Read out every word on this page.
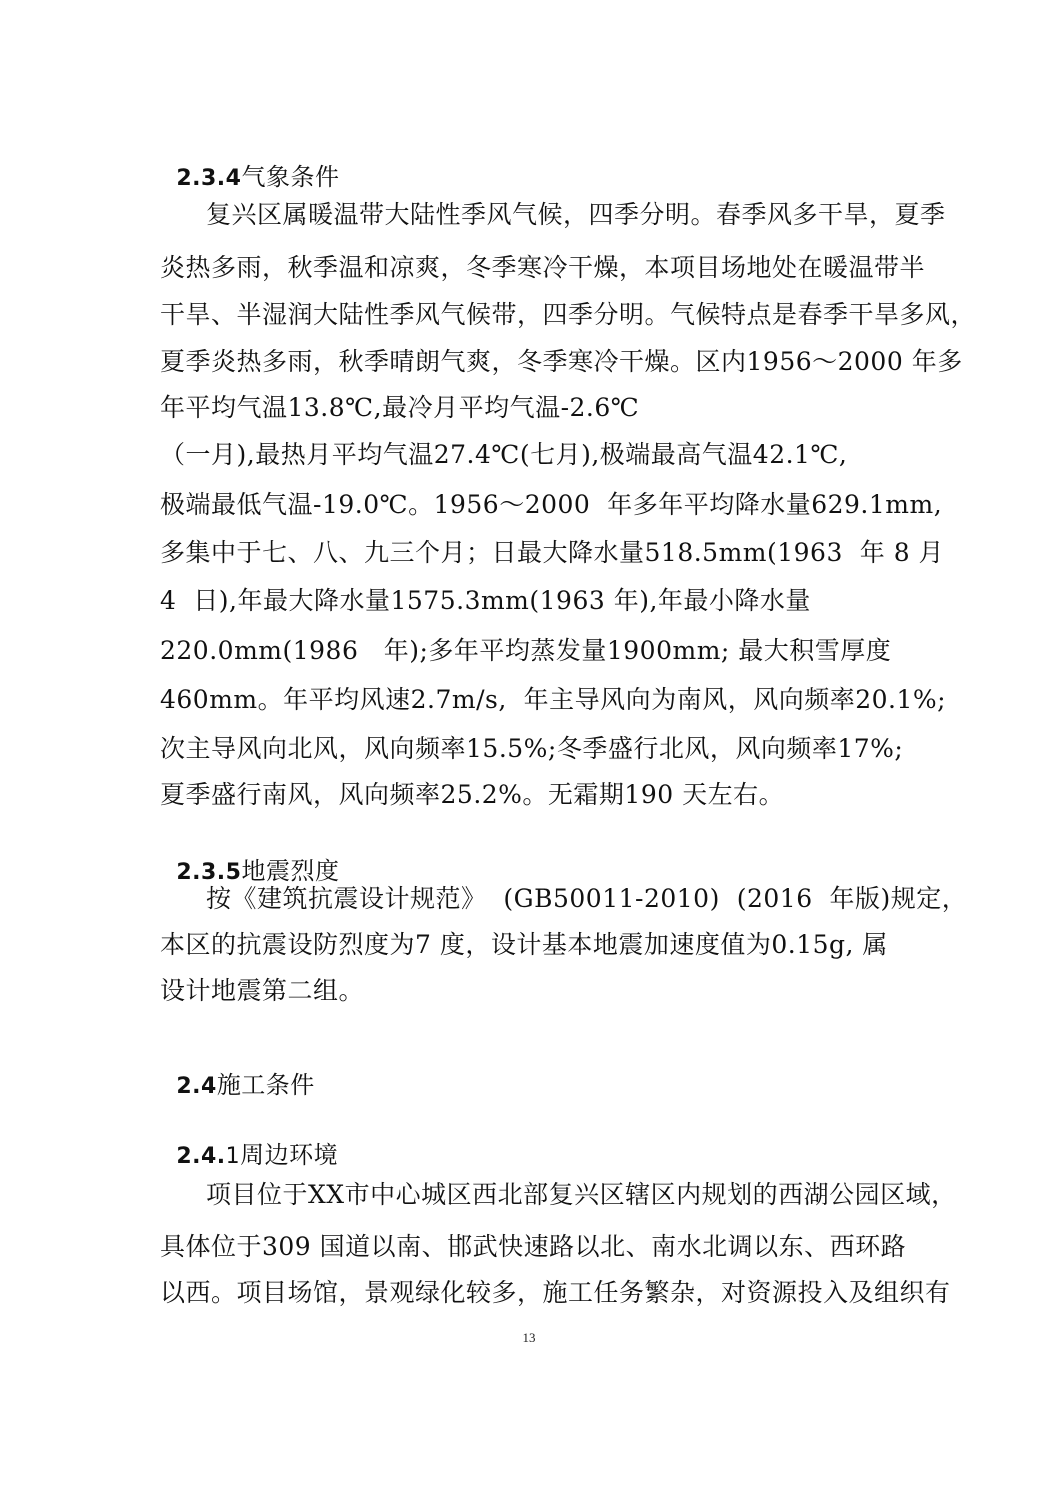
2.3.4气象条件

复兴区属暖温带大陆性季风气候，四季分明。春季风多干旱，夏季
炎热多雨，秋季温和凉爽，冬季寒冷干燥，本项目场地处在暖温带半
干旱、半湿润大陆性季风气候带，四季分明。气候特点是春季干旱多风，
夏季炎热多雨，秋季晴朗气爽，冬季寒冷干燥。区内1956～2000 年多
年平均气温13.8℃,最冷月平均气温-2.6℃
（一月),最热月平均气温27.4℃(七月),极端最高气温42.1℃,
极端最低气温-19.0℃。1956～2000  年多年平均降水量629.1mm,
多集中于七、八、九三个月；日最大降水量518.5mm(1963  年 8 月
4  日),年最大降水量1575.3mm(1963 年),年最小降水量
220.0mm(1986   年);多年平均蒸发量1900mm; 最大积雪厚度
460mm。年平均风速2.7m/s,  年主导风向为南风，风向频率20.1%;
次主导风向北风，风向频率15.5%;冬季盛行北风，风向频率17%;
夏季盛行南风，风向频率25.2%。无霜期190 天左右。

2.3.5地震烈度

按《建筑抗震设计规范》  (GB50011-2010)  (2016  年版)规定，
本区的抗震设防烈度为7 度，设计基本地震加速度值为0.15g, 属
设计地震第二组。

2.4施工条件

2.4.1周边环境

项目位于XX市中心城区西北部复兴区辖区内规划的西湖公园区域，
具体位于309 国道以南、邯武快速路以北、南水北调以东、西环路
以西。项目场馆，景观绿化较多，施工任务繁杂，对资源投入及组织有
13
